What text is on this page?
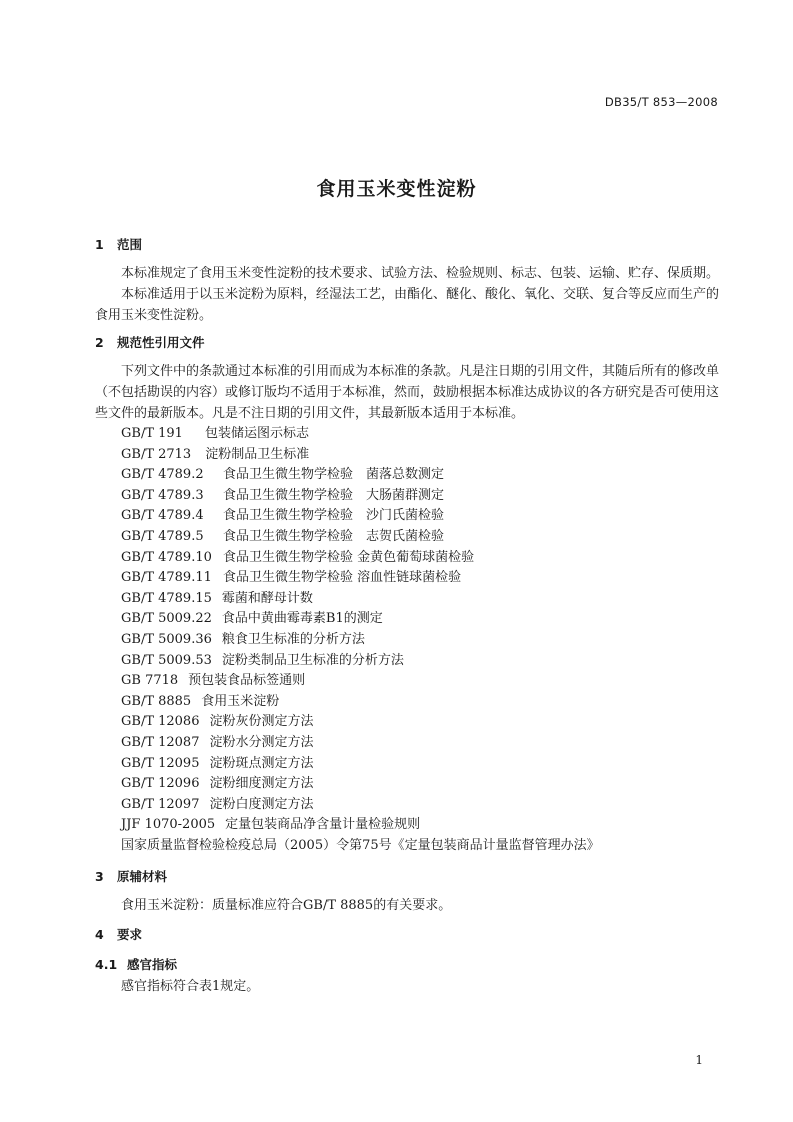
DB35/T 853—2008
食用玉米变性淀粉
1 范围

本标准规定了食用玉米变性淀粉的技术要求、试验方法、检验规则、标志、包装、运输、贮存、保质期。

本标准适用于以玉米淀粉为原料，经湿法工艺，由酯化、醚化、酸化、氧化、交联、复合等反应而生产的食用玉米变性淀粉。

2 规范性引用文件

下列文件中的条款通过本标准的引用而成为本标准的条款。凡是注日期的引用文件，其随后所有的修改单（不包括勘误的内容）或修订版均不适用于本标准，然而，鼓励根据本标准达成协议的各方研究是否可使用这些文件的最新版本。凡是不注日期的引用文件，其最新版本适用于本标准。

GB/T 191 包装储运图示标志
GB/T 2713 淀粉制品卫生标准
GB/T 4789.2 食品卫生微生物学检验　菌落总数测定
GB/T 4789.3 食品卫生微生物学检验　大肠菌群测定
GB/T 4789.4 食品卫生微生物学检验　沙门氏菌检验
GB/T 4789.5 食品卫生微生物学检验　志贺氏菌检验
GB/T 4789.10 食品卫生微生物学检验 金黄色葡萄球菌检验
GB/T 4789.11 食品卫生微生物学检验 溶血性链球菌检验
GB/T 4789.15 霉菌和酵母计数
GB/T 5009.22 食品中黄曲霉毒素B1的测定
GB/T 5009.36 粮食卫生标准的分析方法
GB/T 5009.53 淀粉类制品卫生标准的分析方法
GB 7718 预包装食品标签通则
GB/T 8885 食用玉米淀粉
GB/T 12086 淀粉灰份测定方法
GB/T 12087 淀粉水分测定方法
GB/T 12095 淀粉斑点测定方法
GB/T 12096 淀粉细度测定方法
GB/T 12097 淀粉白度测定方法
JJF 1070-2005 定量包装商品净含量计量检验规则
国家质量监督检验检疫总局（2005）令第75号《定量包装商品计量监督管理办法》
3 原辅材料

食用玉米淀粉：质量标准应符合GB/T 8885的有关要求。

4 要求
4.1 感官指标

感官指标符合表1规定。

1
